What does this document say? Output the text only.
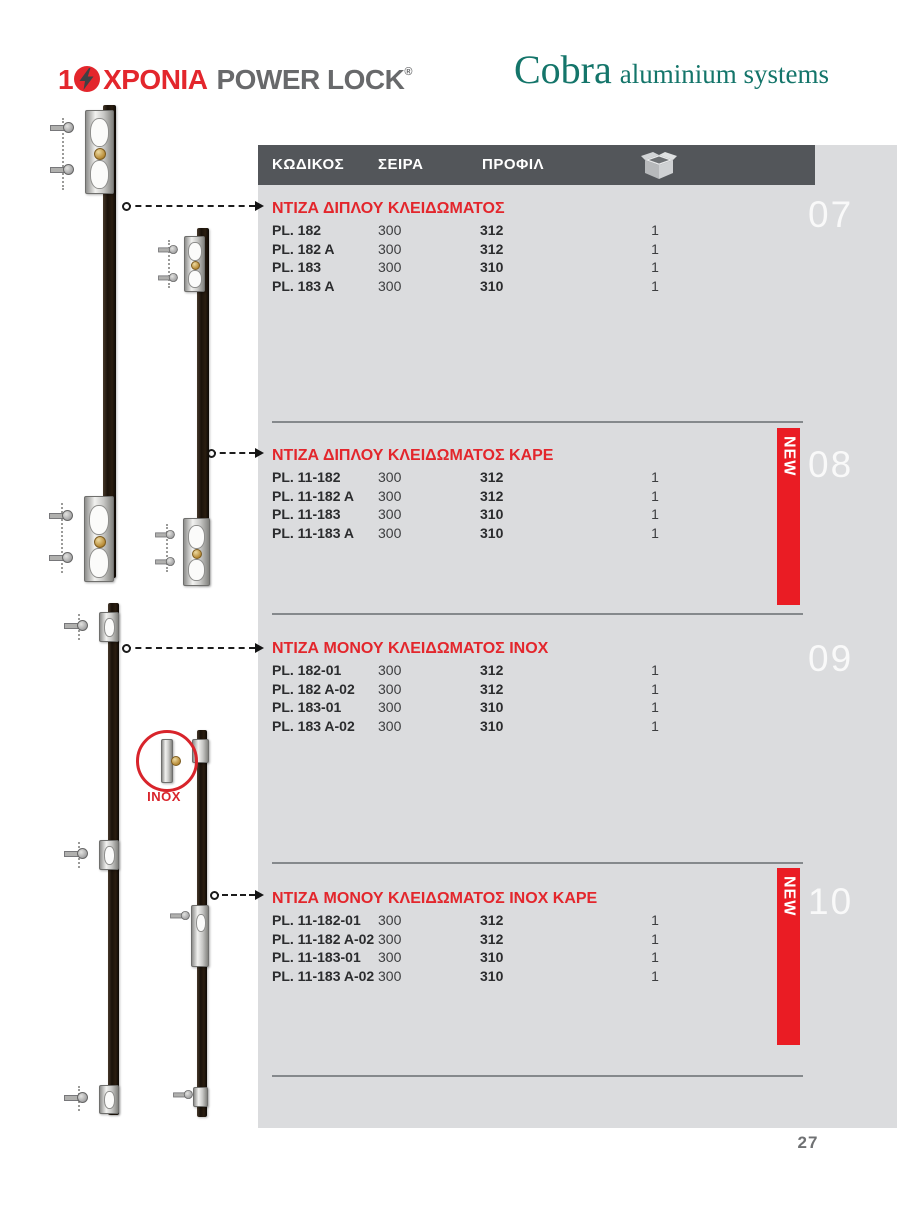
1 ΧΡΟΝΙΑ POWER LOCK®	Cobra aluminium systems
ΚΩΔΙΚΟΣ ΣΕΙΡΑ	ΠΡΟΦΙΛ
NEW
NEW
07
08
09
10
ΝΤΙΖΑ ΔΙΠΛΟΥ ΚΛΕΙΔΩΜΑΤΟΣ
PL. 182	300	312	1
PL. 182 A	300	312	1
PL. 183	300	310	1
PL. 183 A	300	310	1
ΝΤΙΖΑ ΔΙΠΛΟΥ ΚΛΕΙΔΩΜΑΤΟΣ ΚΑΡΕ
PL. 11-182	300	312	1
PL. 11-182 A 300	312	1
PL. 11-183	300	310	1
PL. 11-183 A 300	310	1
ΝΤΙΖΑ ΜΟΝΟΥ ΚΛΕΙΔΩΜΑΤΟΣ INOX
PL. 182-01	300	312	1
PL. 182 A-02 300	312	1
PL. 183-01	300	310	1
PL. 183 A-02 300	310	1
ΝΤΙΖΑ ΜΟΝΟΥ ΚΛΕΙΔΩΜΑΤΟΣ INOX ΚΑΡΕ
PL. 11-182-01 300	312	1
PL. 11-182 A-02 300	312	1
PL. 11-183-01 300	310	1
PL. 11-183 A-02 300	310	1
INOX
27
